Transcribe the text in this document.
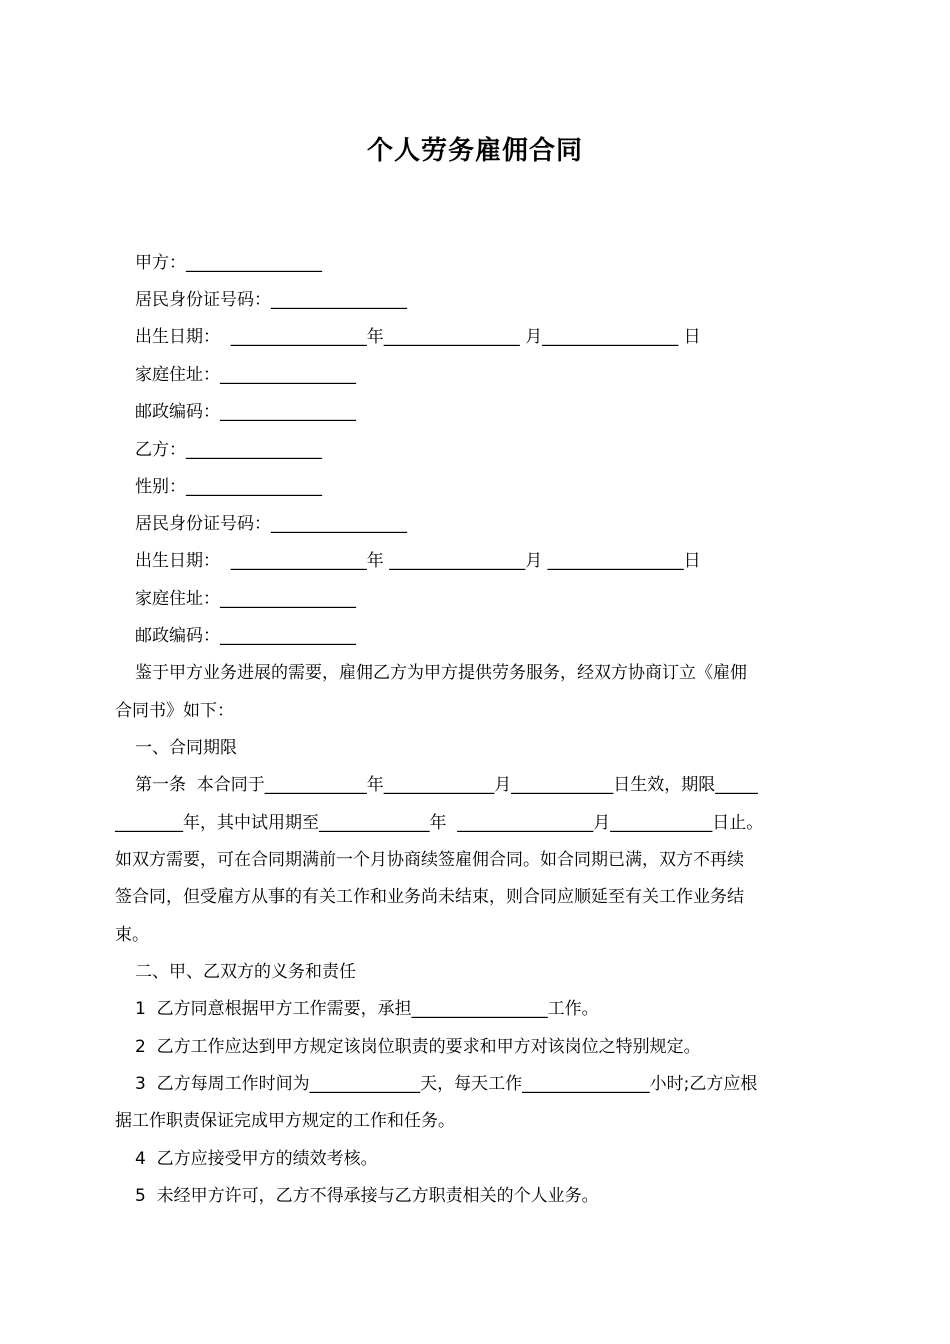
个人劳务雇佣合同
甲方：________________
居民身份证号码：________________
出生日期：  ________________年________________ 月________________ 日
家庭住址：________________
邮政编码：________________
乙方：________________
性别：________________
居民身份证号码：________________
出生日期：  ________________年 ________________月 ________________日
家庭住址：________________
邮政编码：________________
鉴于甲方业务进展的需要，雇佣乙方为甲方提供劳务服务，经双方协商订立《雇佣
合同书》如下：
一、合同期限
第一条  本合同于____________年_____________月____________日生效，期限_____
________年，其中试用期至_____________年  ________________月____________日止。
如双方需要，可在合同期满前一个月协商续签雇佣合同。如合同期已满，双方不再续
签合同，但受雇方从事的有关工作和业务尚未结束，则合同应顺延至有关工作业务结
束。
二、甲、乙双方的义务和责任
1  乙方同意根据甲方工作需要，承担________________工作。
2  乙方工作应达到甲方规定该岗位职责的要求和甲方对该岗位之特别规定。
3  乙方每周工作时间为_____________天，每天工作_______________小时;乙方应根
据工作职责保证完成甲方规定的工作和任务。
4  乙方应接受甲方的绩效考核。
5  未经甲方许可，乙方不得承接与乙方职责相关的个人业务。
